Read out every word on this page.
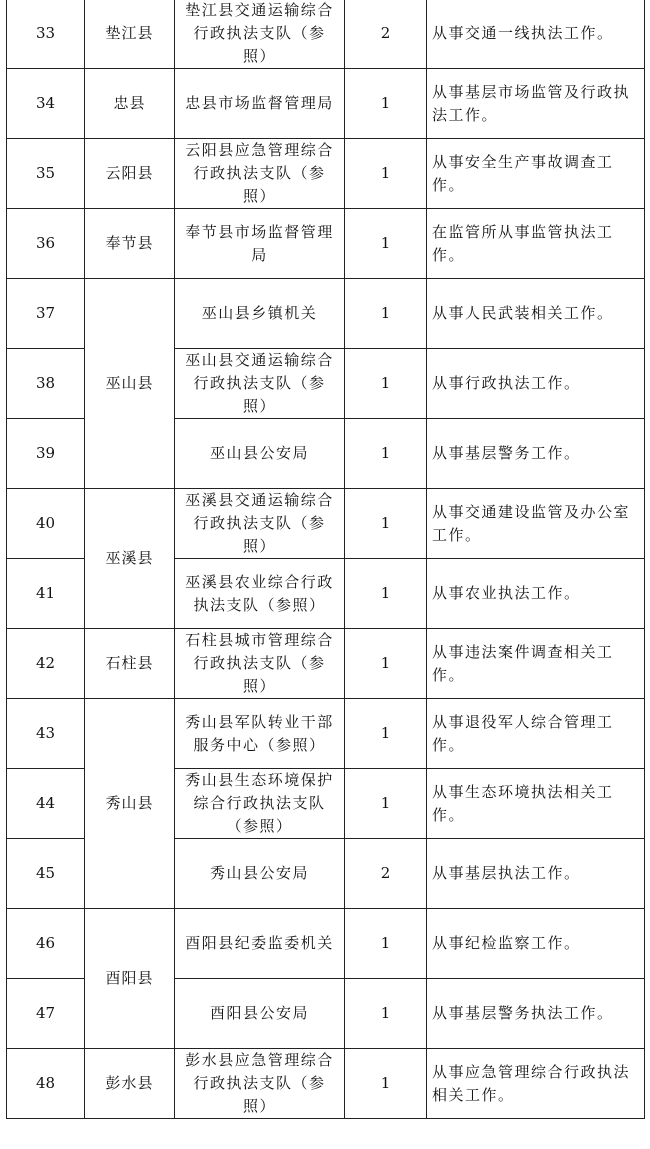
33	垫江县	垫江县交通运输综合行政执法支队（参照）	2	从事交通一线执法工作。
34	忠县	忠县市场监督管理局	1	从事基层市场监管及行政执法工作。
35	云阳县	云阳县应急管理综合行政执法支队（参照）	1	从事安全生产事故调查工作。
36	奉节县	奉节县市场监督管理局	1	在监管所从事监管执法工作。
37	巫山县	巫山县乡镇机关	1	从事人民武装相关工作。
38		巫山县交通运输综合行政执法支队（参照）	1	从事行政执法工作。
39		巫山县公安局	1	从事基层警务工作。
40	巫溪县	巫溪县交通运输综合行政执法支队（参照）	1	从事交通建设监管及办公室工作。
41		巫溪县农业综合行政执法支队（参照）	1	从事农业执法工作。
42	石柱县	石柱县城市管理综合行政执法支队（参照）	1	从事违法案件调查相关工作。
43	秀山县	秀山县军队转业干部服务中心（参照）	1	从事退役军人综合管理工作。
44		秀山县生态环境保护综合行政执法支队（参照）	1	从事生态环境执法相关工作。
45		秀山县公安局	2	从事基层执法工作。
46	酉阳县	酉阳县纪委监委机关	1	从事纪检监察工作。
47		酉阳县公安局	1	从事基层警务执法工作。
48	彭水县	彭水县应急管理综合行政执法支队（参照）	1	从事应急管理综合行政执法相关工作。
